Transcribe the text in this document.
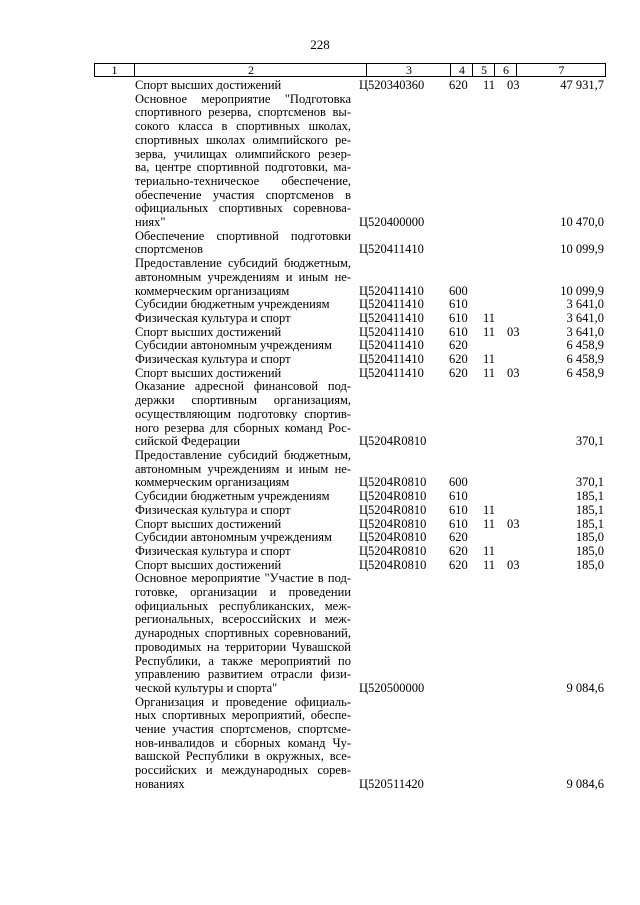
228
1	2	3	4	5	6	7
Спорт высших достижений	Ц520340360 620	11 03	47 931,7
Основное мероприятие "Подготовка
спортивного резерва, спортсменов вы-
сокого класса в спортивных школах,
спортивных школах олимпийского ре-
зерва, училищах олимпийского резер-
ва, центре спортивной подготовки, ма-
териально-техническое обеспечение,
обеспечение участия спортсменов в
официальных спортивных соревнова-
ниях"	Ц520400000	10 470,0
Обеспечение спортивной подготовки
спортсменов	Ц520411410	10 099,9
Предоставление субсидий бюджетным,
автономным учреждениям и иным не-
коммерческим организациям	Ц520411410 600	10 099,9
Субсидии бюджетным учреждениям	Ц520411410 610	3 641,0
Физическая культура и спорт	Ц520411410 610	11	3 641,0
Спорт высших достижений	Ц520411410 610	11 03	3 641,0
Субсидии автономным учреждениям	Ц520411410 620	6 458,9
Физическая культура и спорт	Ц520411410 620	11	6 458,9
Спорт высших достижений	Ц520411410 620	11 03	6 458,9
Оказание адресной финансовой под-
держки спортивным организациям,
осуществляющим подготовку спортив-
ного резерва для сборных команд Рос-
сийской Федерации	Ц5204R0810	370,1
Предоставление субсидий бюджетным,
автономным учреждениям и иным не-
коммерческим организациям	Ц5204R0810 600	370,1
Субсидии бюджетным учреждениям	Ц5204R0810 610	185,1
Физическая культура и спорт	Ц5204R0810 610	11	185,1
Спорт высших достижений	Ц5204R0810 610	11 03	185,1
Субсидии автономным учреждениям	Ц5204R0810 620	185,0
Физическая культура и спорт	Ц5204R0810 620	11	185,0
Спорт высших достижений	Ц5204R0810 620	11 03	185,0
Основное мероприятие "Участие в под-
готовке, организации и проведении
официальных республиканских, меж-
региональных, всероссийских и меж-
дународных спортивных соревнований,
проводимых на территории Чувашской
Республики, а также мероприятий по
управлению развитием отрасли физи-
ческой культуры и спорта"	Ц520500000	9 084,6
Организация и проведение официаль-
ных спортивных мероприятий, обеспе-
чение участия спортсменов, спортсме-
нов-инвалидов и сборных команд Чу-
вашской Республики в окружных, все-
российских и международных сорев-
нованиях	Ц520511420	9 084,6
